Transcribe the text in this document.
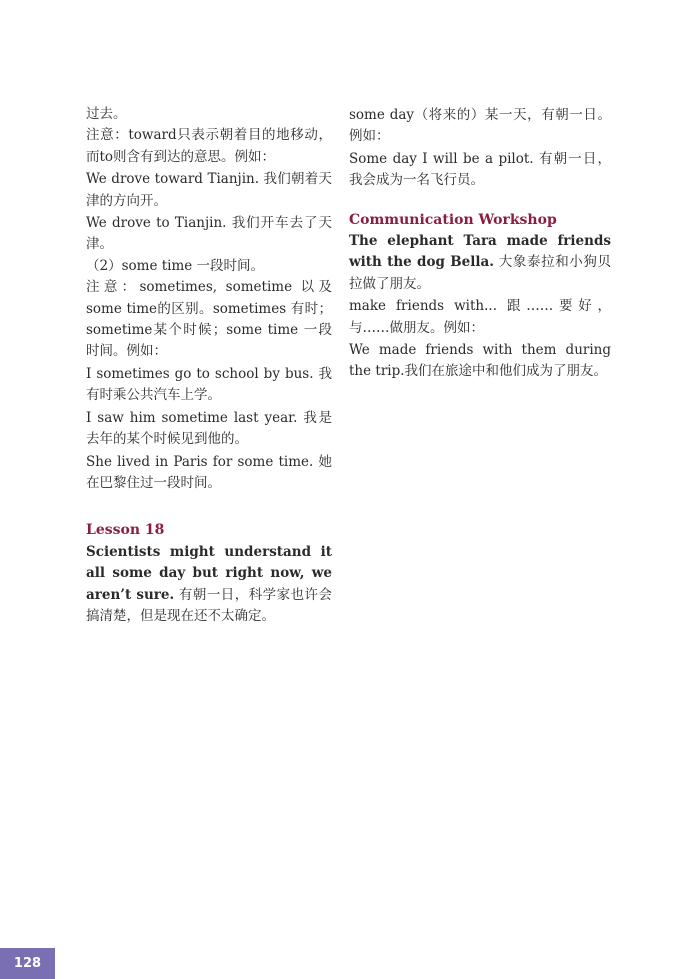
过去。

注意：toward只表示朝着目的地移动，而to则含有到达的意思。例如：

We drove toward Tianjin. 我们朝着天津的方向开。

We drove to Tianjin. 我们开车去了天津。

（2）some time 一段时间。

注意：sometimes, sometime 以及 some time的区别。sometimes 有时；sometime某个时候；some time 一段时间。例如：

I sometimes go to school by bus. 我有时乘公共汽车上学。

I saw him sometime last year. 我是去年的某个时候见到他的。

She lived in Paris for some time. 她在巴黎住过一段时间。

Lesson 18

Scientists might understand it all some day but right now, we aren’t sure. 有朝一日，科学家也许会搞清楚，但是现在还不太确定。

some day（将来的）某一天，有朝一日。例如：

Some day I will be a pilot. 有朝一日，我会成为一名飞行员。

Communication Workshop

The elephant Tara made friends with the dog Bella. 大象泰拉和小狗贝拉做了朋友。

make friends with... 跟……要好，与……做朋友。例如：

We made friends with them during the trip.我们在旅途中和他们成为了朋友。

128
